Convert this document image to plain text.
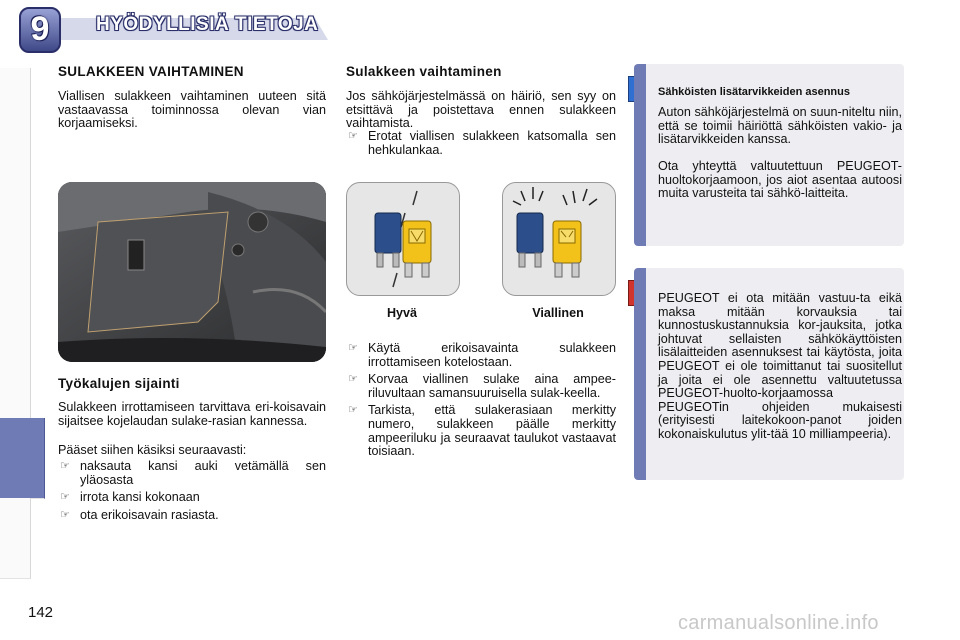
9	HYÖDYLLISIÄ TIETOJA
SULAKKEEN VAIHTAMINEN
Viallisen sulakkeen vaihtaminen uuteen sitä vastaavassa toiminnossa olevan vian korjaamiseksi.
Työkalujen sijainti
Sulakkeen irrottamiseen tarvittava eri-koisavain sijaitsee kojelaudan sulake-rasian kannessa.
Pääset siihen käsiksi seuraavasti:
☞ naksauta kansi auki vetämällä sen yläosasta
☞ irrota kansi kokonaan
☞ ota erikoisavain rasiasta.
Sulakkeen vaihtaminen
Jos sähköjärjestelmässä on häiriö, sen syy on etsittävä ja poistettava ennen sulakkeen vaihtamista.
☞ Erotat viallisen sulakkeen katsomalla sen hehkulankaa.
Hyvä	Viallinen
☞ Käytä erikoisavainta sulakkeen irrottamiseen kotelostaan.
☞ Korvaa viallinen sulake aina ampee-riluvultaan samansuuruisella sulak-keella.
☞ Tarkista, että sulakerasiaan merkitty numero, sulakkeen päälle merkitty ampeeriluku ja seuraavat taulukot vastaavat toisiaan.
Sähköisten lisätarvikkeiden asennus
Auton sähköjärjestelmä on suun-niteltu niin, että se toimii häiriöttä sähköisten vakio- ja lisätarvikkeiden kanssa.
Ota yhteyttä valtuutettuun PEUGEOT-huoltokorjaamoon, jos aiot asentaa autoosi muita varusteita tai sähkö-laitteita.
PEUGEOT ei ota mitään vastuu-ta eikä maksa mitään korvauksia tai kunnostuskustannuksia kor-jauksita, jotka johtuvat sellaisten sähkökäyttöisten lisälaitteiden asennuksest tai käytösta, joita PEUGEOT ei ole toimittanut tai suositellut ja joita ei ole asennettu valtuutetussa PEUGEOT-huolto-korjaamossa PEUGEOTin ohjeiden mukaisesti (erityisesti laitekokoon-panot joiden kokonaiskulutus ylit-tää 10 milliampeeria).
142	carmanualsonline.info
